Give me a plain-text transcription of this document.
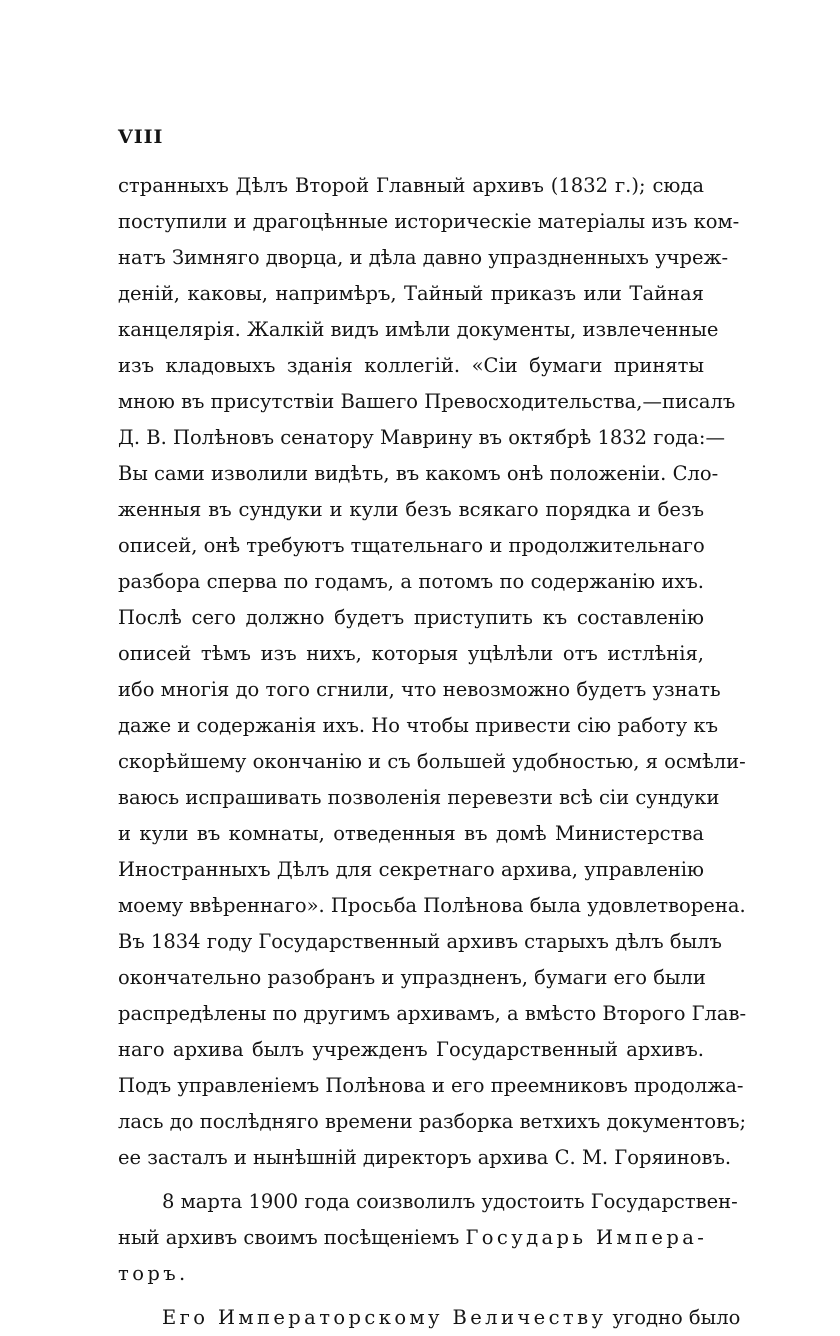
VIII
странныхъ Дѣлъ Второй Главный архивъ (1832 г.); сюда
поступили и драгоцѣнные историческіе матеріалы изъ ком-
натъ Зимняго дворца, и дѣла давно упраздненныхъ учреж-
деній, каковы, напримѣръ, Тайный приказъ или Тайная
канцелярія. Жалкій видъ имѣли документы, извлеченные
изъ кладовыхъ зданія коллегій. «Сіи бумаги приняты
мною въ присутствіи Вашего Превосходительства,—писалъ
Д. В. Полѣновъ сенатору Маврину въ октябрѣ 1832 года:—
Вы сами изволили видѣть, въ какомъ онѣ положеніи. Сло-
женныя въ сундуки и кули безъ всякаго порядка и безъ
описей, онѣ требуютъ тщательнаго и продолжительнаго
разбора сперва по годамъ, а потомъ по содержанію ихъ.
Послѣ сего должно будетъ приступить къ составленію
описей тѣмъ изъ нихъ, которыя уцѣлѣли отъ истлѣнія,
ибо многія до того сгнили, что невозможно будетъ узнать
даже и содержанія ихъ. Но чтобы привести сію работу къ
скорѣйшему окончанію и съ большей удобностью, я осмѣли-
ваюсь испрашивать позволенія перевезти всѣ сіи сундуки
и кули въ комнаты, отведенныя въ домѣ Министерства
Иностранныхъ Дѣлъ для секретнаго архива, управленію
моему ввѣреннаго». Просьба Полѣнова была удовлетворена.
Въ 1834 году Государственный архивъ старыхъ дѣлъ былъ
окончательно разобранъ и упраздненъ, бумаги его были
распредѣлены по другимъ архивамъ, а вмѣсто Второго Глав-
наго архива былъ учрежденъ Государственный архивъ.
Подъ управленіемъ Полѣнова и его преемниковъ продолжа-
лась до послѣдняго времени разборка ветхихъ документовъ;
ее засталъ и нынѣшній директоръ архива С. М. Горяиновъ.
8 марта 1900 года соизволилъ удостоить Государствен-
ный архивъ своимъ посѣщеніемъ Государь Импера-
торъ.
Его Императорскому Величеству угодно было
